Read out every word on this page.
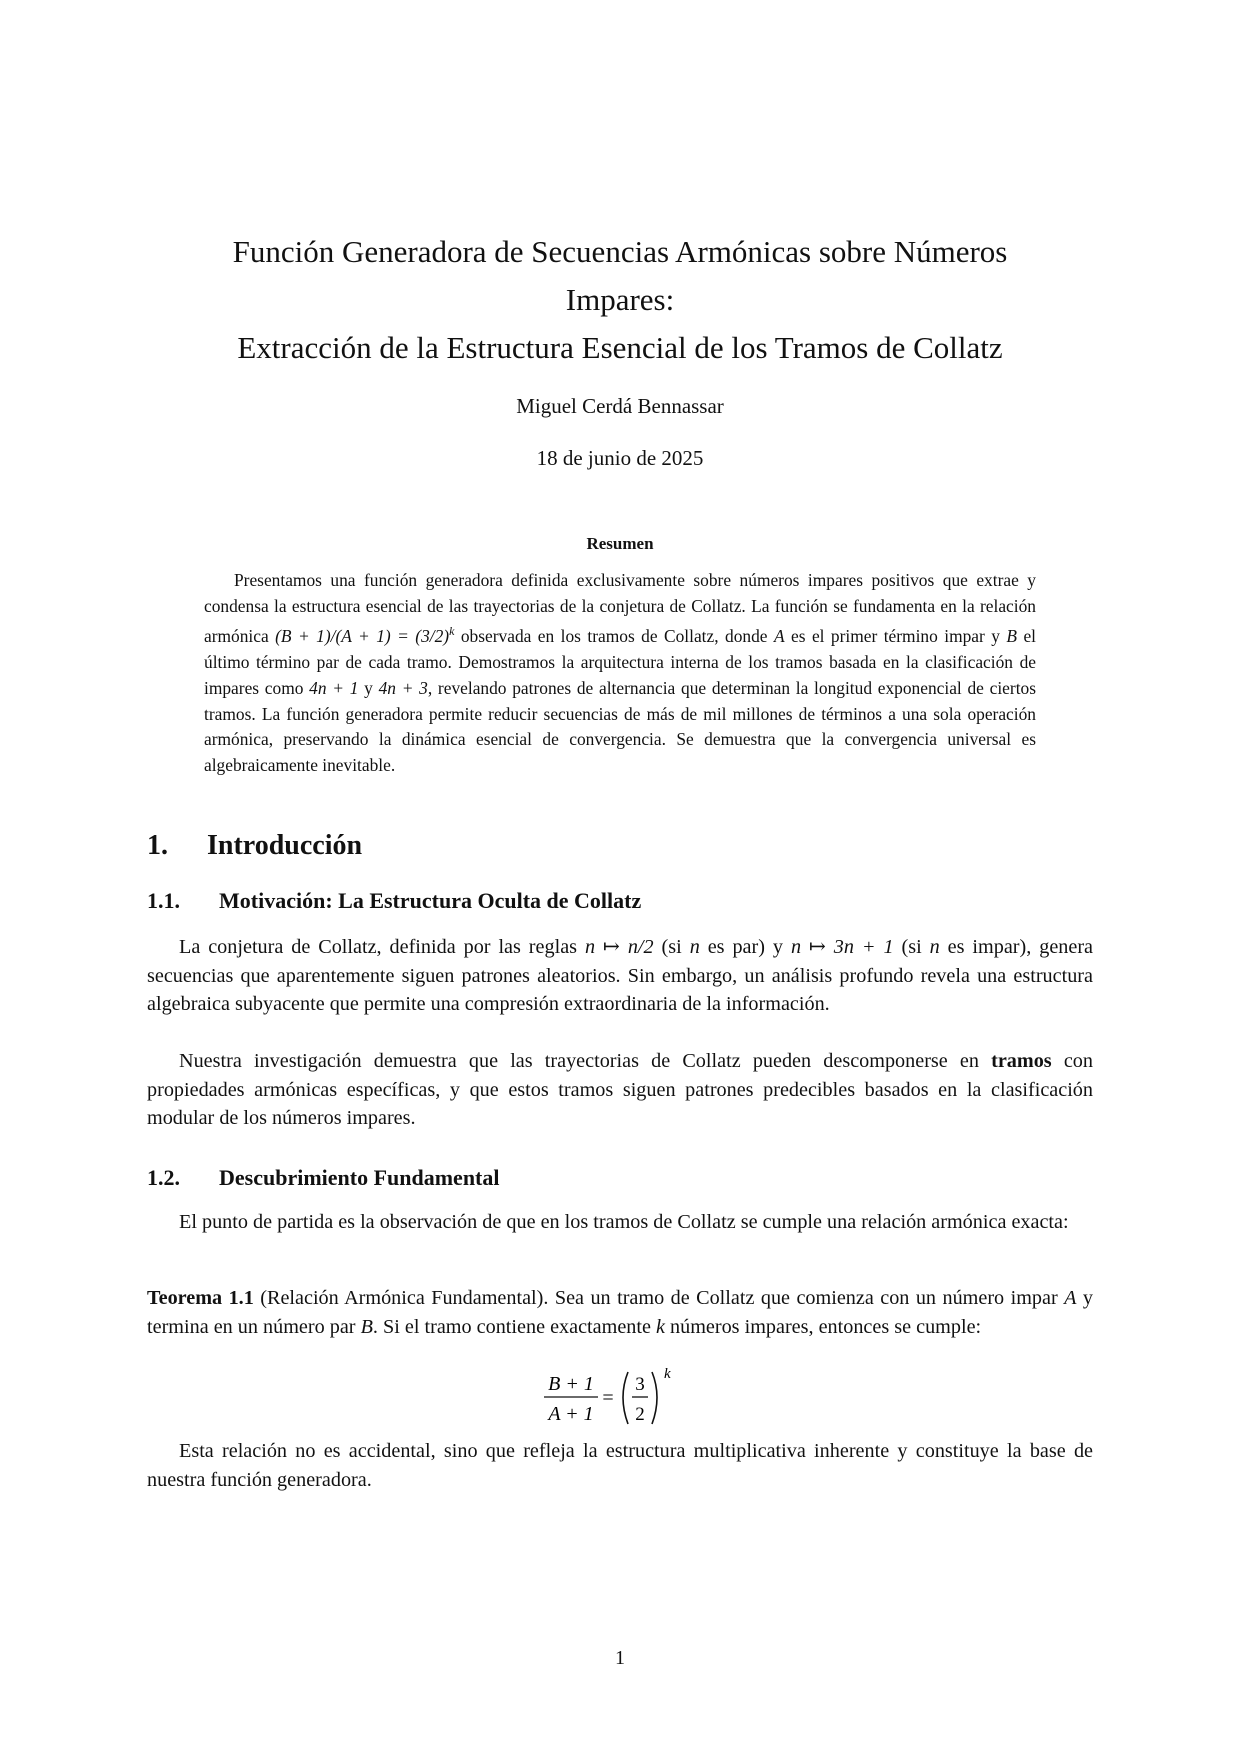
Función Generadora de Secuencias Armónicas sobre Números
Impares:
Extracción de la Estructura Esencial de los Tramos de Collatz
Miguel Cerdá Bennassar
18 de junio de 2025
Resumen

Presentamos una función generadora definida exclusivamente sobre números impares positivos que extrae y condensa la estructura esencial de las trayectorias de la conjetura de Collatz. La función se fundamenta en la relación armónica $(B + 1)/(A + 1) = (3/2)^k$ observada en los tramos de Collatz, donde A es el primer término impar y B el último término par de cada tramo. Demostramos la arquitectura interna de los tramos basada en la clasificación de impares como 4n + 1 y 4n + 3, revelando patrones de alternancia que determinan la longitud exponencial de ciertos tramos. La función generadora permite reducir secuencias de más de mil millones de términos a una sola operación armónica, preservando la dinámica esencial de convergencia. Se demuestra que la convergencia universal es algebraicamente inevitable.

1. Introducción
1.1. Motivación: La Estructura Oculta de Collatz

La conjetura de Collatz, definida por las reglas n ↦ n/2 (si n es par) y n ↦ 3n + 1 (si n es impar), genera secuencias que aparentemente siguen patrones aleatorios. Sin embargo, un análisis profundo revela una estructura algebraica subyacente que permite una compresión extraordinaria de la información.

Nuestra investigación demuestra que las trayectorias de Collatz pueden descomponerse en tramos con propiedades armónicas específicas, y que estos tramos siguen patrones predecibles basados en la clasificación modular de los números impares.

1.2. Descubrimiento Fundamental

El punto de partida es la observación de que en los tramos de Collatz se cumple una relación armónica exacta:

Teorema 1.1 (Relación Armónica Fundamental). Sea un tramo de Collatz que comienza con un número impar A y termina en un número par B. Si el tramo contiene exactamente k números impares, entonces se cumple:

B + 1
A + 1
=
3
2
k

Esta relación no es accidental, sino que refleja la estructura multiplicativa inherente y constituye la base de nuestra función generadora.

1
